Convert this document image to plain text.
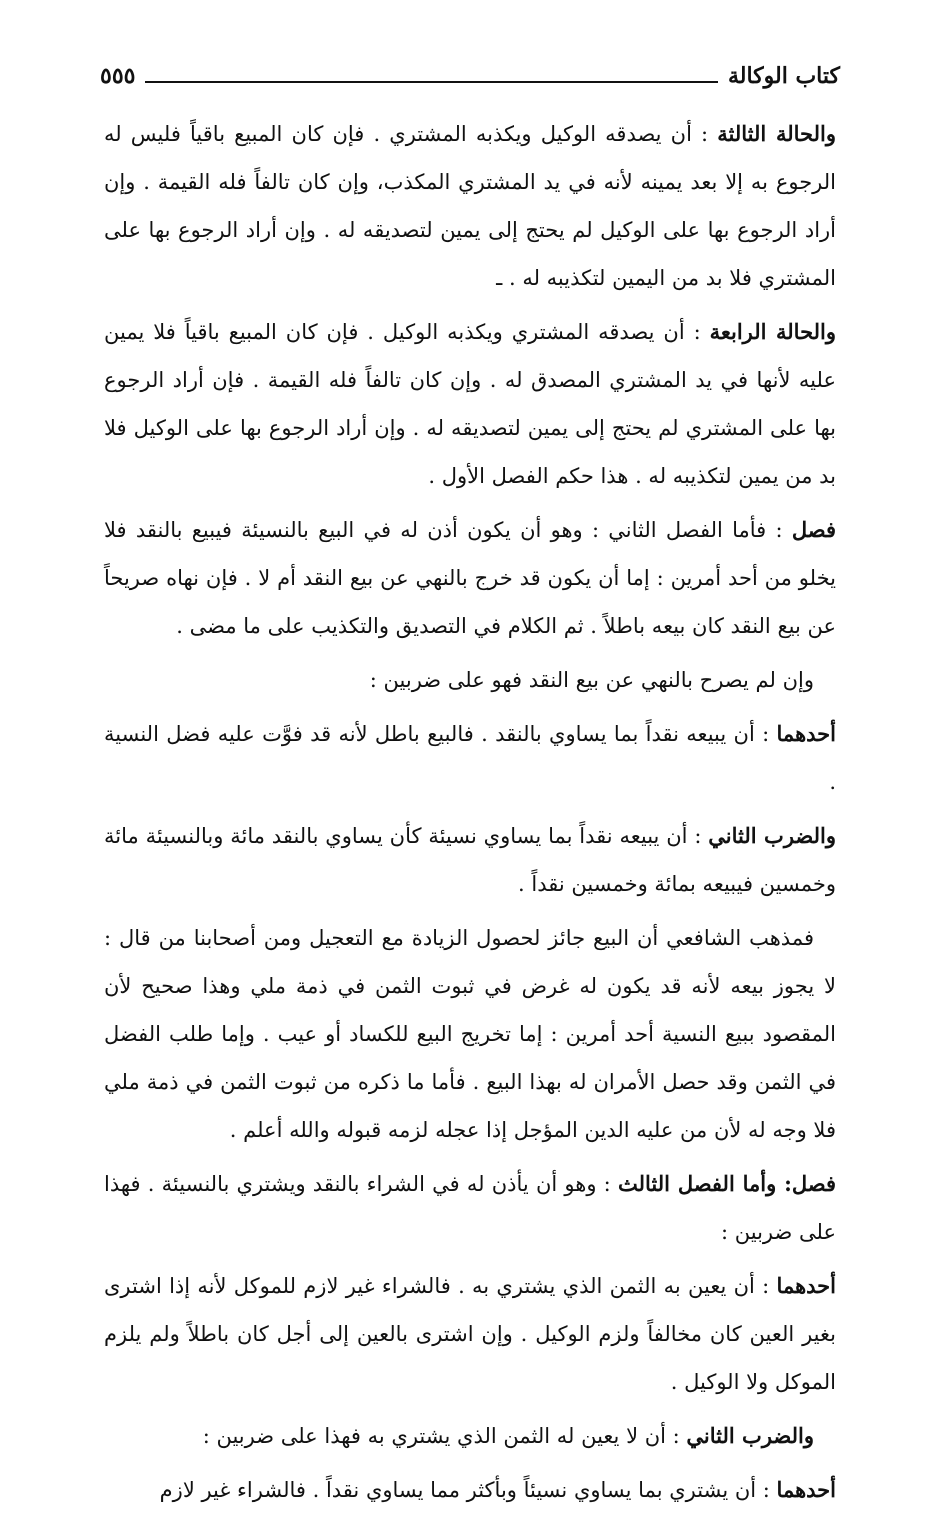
كتاب الوكالة
٥٥٥

والحالة الثالثة : أن يصدقه الوكيل ويكذبه المشتري . فإن كان المبيع باقياً فليس له الرجوع به إلا بعد يمينه لأنه في يد المشتري المكذب، وإن كان تالفاً فله القيمة . وإن أراد الرجوع بها على الوكيل لم يحتج إلى يمين لتصديقه له . وإن أراد الرجوع بها على المشتري فلا بد من اليمين لتكذيبه له . ـ

والحالة الرابعة : أن يصدقه المشتري ويكذبه الوكيل . فإن كان المبيع باقياً فلا يمين عليه لأنها في يد المشتري المصدق له . وإن كان تالفاً فله القيمة . فإن أراد الرجوع بها على المشتري لم يحتج إلى يمين لتصديقه له . وإن أراد الرجوع بها على الوكيل فلا بد من يمين لتكذيبه له . هذا حكم الفصل الأول .

فصل : فأما الفصل الثاني : وهو أن يكون أذن له في البيع بالنسيئة فيبيع بالنقد فلا يخلو من أحد أمرين : إما أن يكون قد خرج بالنهي عن بيع النقد أم لا . فإن نهاه صريحاً عن بيع النقد كان بيعه باطلاً . ثم الكلام في التصديق والتكذيب على ما مضى .

وإن لم يصرح بالنهي عن بيع النقد فهو على ضربين :

أحدهما : أن يبيعه نقداً بما يساوي بالنقد . فالبيع باطل لأنه قد فوَّت عليه فضل النسية .

والضرب الثاني : أن يبيعه نقداً بما يساوي نسيئة كأن يساوي بالنقد مائة وبالنسيئة مائة وخمسين فيبيعه بمائة وخمسين نقداً .

فمذهب الشافعي أن البيع جائز لحصول الزيادة مع التعجيل ومن أصحابنا من قال : لا يجوز بيعه لأنه قد يكون له غرض في ثبوت الثمن في ذمة ملي وهذا صحيح لأن المقصود ببيع النسية أحد أمرين : إما تخريج البيع للكساد أو عيب . وإما طلب الفضل في الثمن وقد حصل الأمران له بهذا البيع . فأما ما ذكره من ثبوت الثمن في ذمة ملي فلا وجه له لأن من عليه الدين المؤجل إذا عجله لزمه قبوله والله أعلم .

فصل: وأما الفصل الثالث : وهو أن يأذن له في الشراء بالنقد ويشتري بالنسيئة . فهذا على ضربين :

أحدهما : أن يعين به الثمن الذي يشتري به . فالشراء غير لازم للموكل لأنه إذا اشترى بغير العين كان مخالفاً ولزم الوكيل . وإن اشترى بالعين إلى أجل كان باطلاً ولم يلزم الموكل ولا الوكيل .

والضرب الثاني : أن لا يعين له الثمن الذي يشتري به فهذا على ضربين :

أحدهما : أن يشتري بما يساوي نسيئاً وبأكثر مما يساوي نقداً . فالشراء غير لازم
